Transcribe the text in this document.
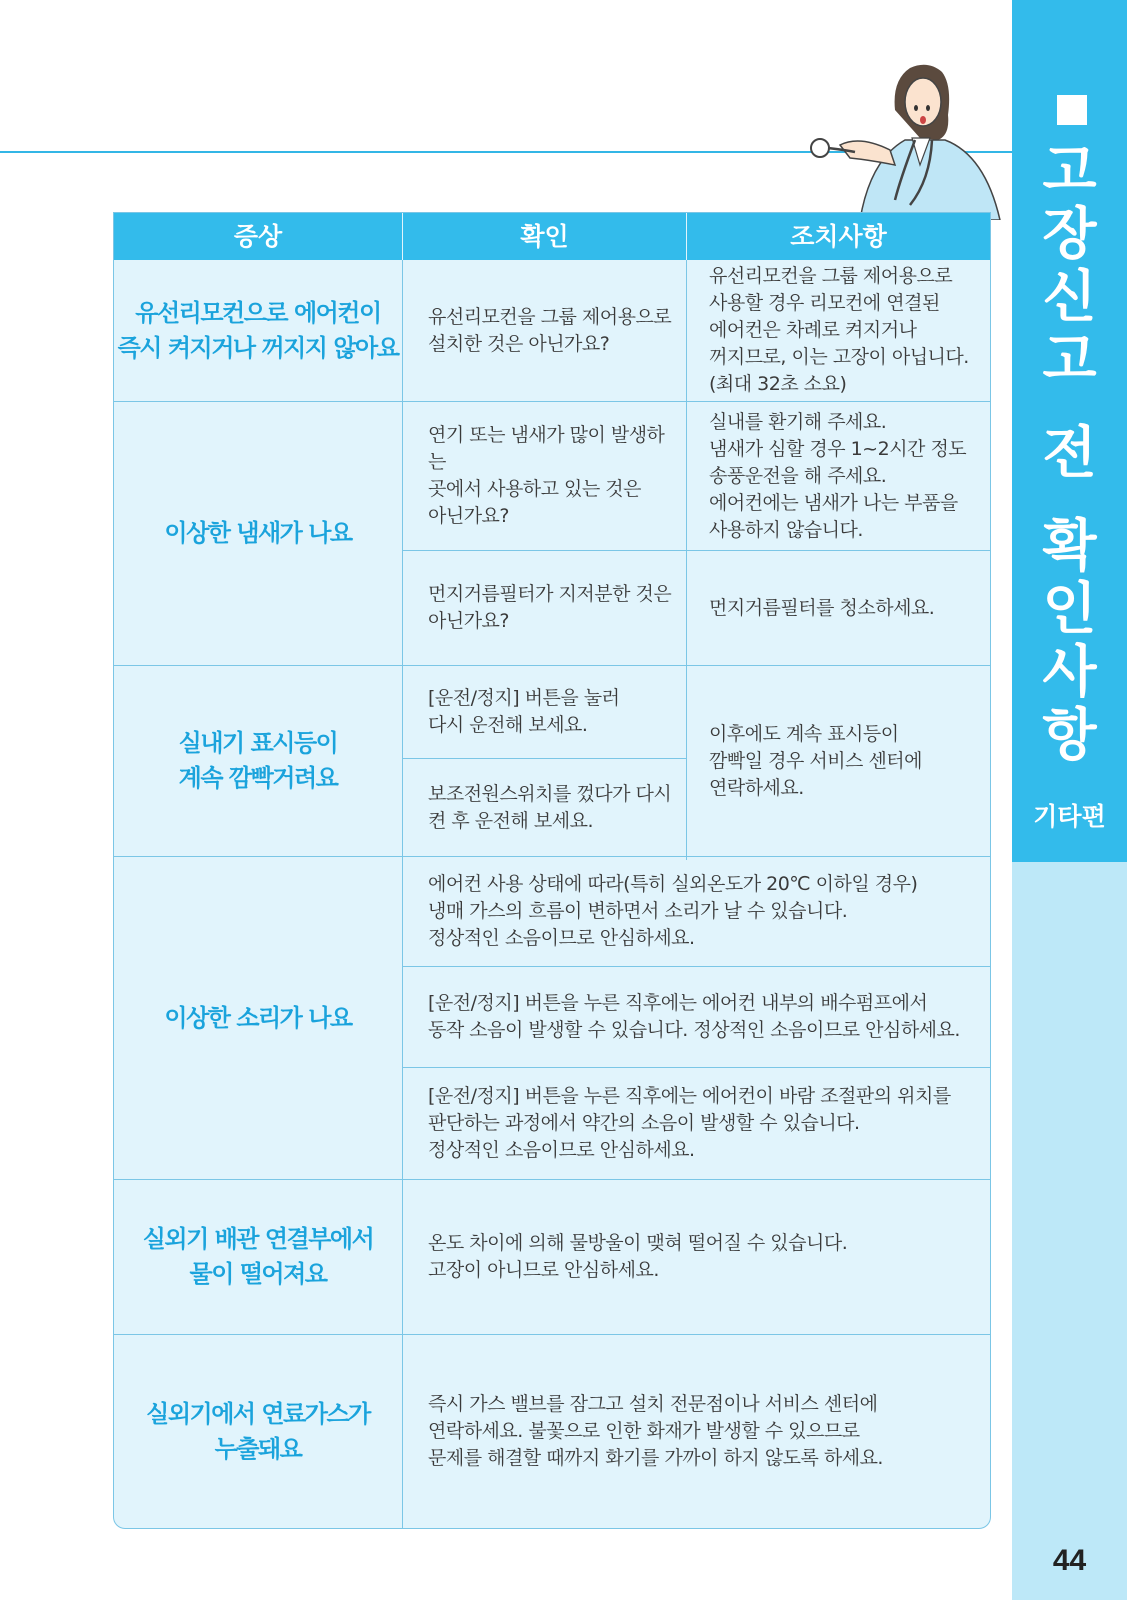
고
장
신
고
전
확
인
사
항
기타편
44
증상	확인	조치사항
유선리모컨으로 에어컨이
즉시 켜지거나 꺼지지 않아요
유선리모컨을 그룹 제어용으로
설치한 것은 아닌가요?
유선리모컨을 그룹 제어용으로
사용할 경우 리모컨에 연결된
에어컨은 차례로 켜지거나
꺼지므로, 이는 고장이 아닙니다.
(최대 32초 소요)
이상한 냄새가 나요
연기 또는 냄새가 많이 발생하는
곳에서 사용하고 있는 것은
아닌가요?
실내를 환기해 주세요.
냄새가 심할 경우 1~2시간 정도
송풍운전을 해 주세요.
에어컨에는 냄새가 나는 부품을
사용하지 않습니다.
먼지거름필터가 지저분한 것은
아닌가요?
먼지거름필터를 청소하세요.
실내기 표시등이
계속 깜빡거려요
[운전/정지] 버튼을 눌러
다시 운전해 보세요.
보조전원스위치를 껐다가 다시
켠 후 운전해 보세요.
이후에도 계속 표시등이
깜빡일 경우 서비스 센터에
연락하세요.
이상한 소리가 나요
에어컨 사용 상태에 따라(특히 실외온도가 20℃ 이하일 경우)
냉매 가스의 흐름이 변하면서 소리가 날 수 있습니다.
정상적인 소음이므로 안심하세요.
[운전/정지] 버튼을 누른 직후에는 에어컨 내부의 배수펌프에서
동작 소음이 발생할 수 있습니다. 정상적인 소음이므로 안심하세요.
[운전/정지] 버튼을 누른 직후에는 에어컨이 바람 조절판의 위치를
판단하는 과정에서 약간의 소음이 발생할 수 있습니다.
정상적인 소음이므로 안심하세요.
실외기 배관 연결부에서
물이 떨어져요
온도 차이에 의해 물방울이 맺혀 떨어질 수 있습니다.
고장이 아니므로 안심하세요.
실외기에서 연료가스가
누출돼요
즉시 가스 밸브를 잠그고 설치 전문점이나 서비스 센터에
연락하세요. 불꽃으로 인한 화재가 발생할 수 있으므로
문제를 해결할 때까지 화기를 가까이 하지 않도록 하세요.
